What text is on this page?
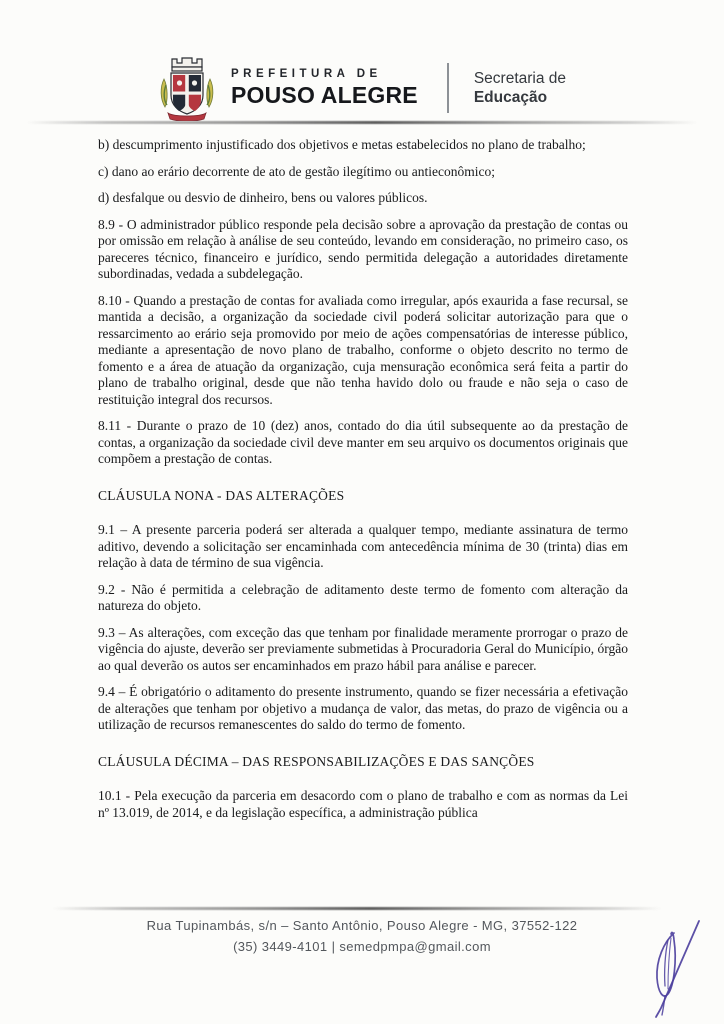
PREFEITURA DE
POUSO ALEGRE
Secretaria de
Educação

b) descumprimento injustificado dos objetivos e metas estabelecidos no plano de trabalho;

c) dano ao erário decorrente de ato de gestão ilegítimo ou antieconômico;

d) desfalque ou desvio de dinheiro, bens ou valores públicos.

8.9 - O administrador público responde pela decisão sobre a aprovação da prestação de contas ou por omissão em relação à análise de seu conteúdo, levando em consideração, no primeiro caso, os pareceres técnico, financeiro e jurídico, sendo permitida delegação a autoridades diretamente subordinadas, vedada a subdelegação.

8.10 - Quando a prestação de contas for avaliada como irregular, após exaurida a fase recursal, se mantida a decisão, a organização da sociedade civil poderá solicitar autorização para que o ressarcimento ao erário seja promovido por meio de ações compensatórias de interesse público, mediante a apresentação de novo plano de trabalho, conforme o objeto descrito no termo de fomento e a área de atuação da organização, cuja mensuração econômica será feita a partir do plano de trabalho original, desde que não tenha havido dolo ou fraude e não seja o caso de restituição integral dos recursos.

8.11 - Durante o prazo de 10 (dez) anos, contado do dia útil subsequente ao da prestação de contas, a organização da sociedade civil deve manter em seu arquivo os documentos originais que compõem a prestação de contas.

CLÁUSULA NONA - DAS ALTERAÇÕES

9.1 – A presente parceria poderá ser alterada a qualquer tempo, mediante assinatura de termo aditivo, devendo a solicitação ser encaminhada com antecedência mínima de 30 (trinta) dias em relação à data de término de sua vigência.

9.2 - Não é permitida a celebração de aditamento deste termo de fomento com alteração da natureza do objeto.

9.3 – As alterações, com exceção das que tenham por finalidade meramente prorrogar o prazo de vigência do ajuste, deverão ser previamente submetidas à Procuradoria Geral do Município, órgão ao qual deverão os autos ser encaminhados em prazo hábil para análise e parecer.

9.4 – É obrigatório o aditamento do presente instrumento, quando se fizer necessária a efetivação de alterações que tenham por objetivo a mudança de valor, das metas, do prazo de vigência ou a utilização de recursos remanescentes do saldo do termo de fomento.

CLÁUSULA DÉCIMA – DAS RESPONSABILIZAÇÕES E DAS SANÇÕES

10.1 - Pela execução da parceria em desacordo com o plano de trabalho e com as normas da Lei nº 13.019, de 2014, e da legislação específica, a administração pública

Rua Tupinambás, s/n – Santo Antônio, Pouso Alegre - MG, 37552-122
(35) 3449-4101 | semedpmpa@gmail.com
